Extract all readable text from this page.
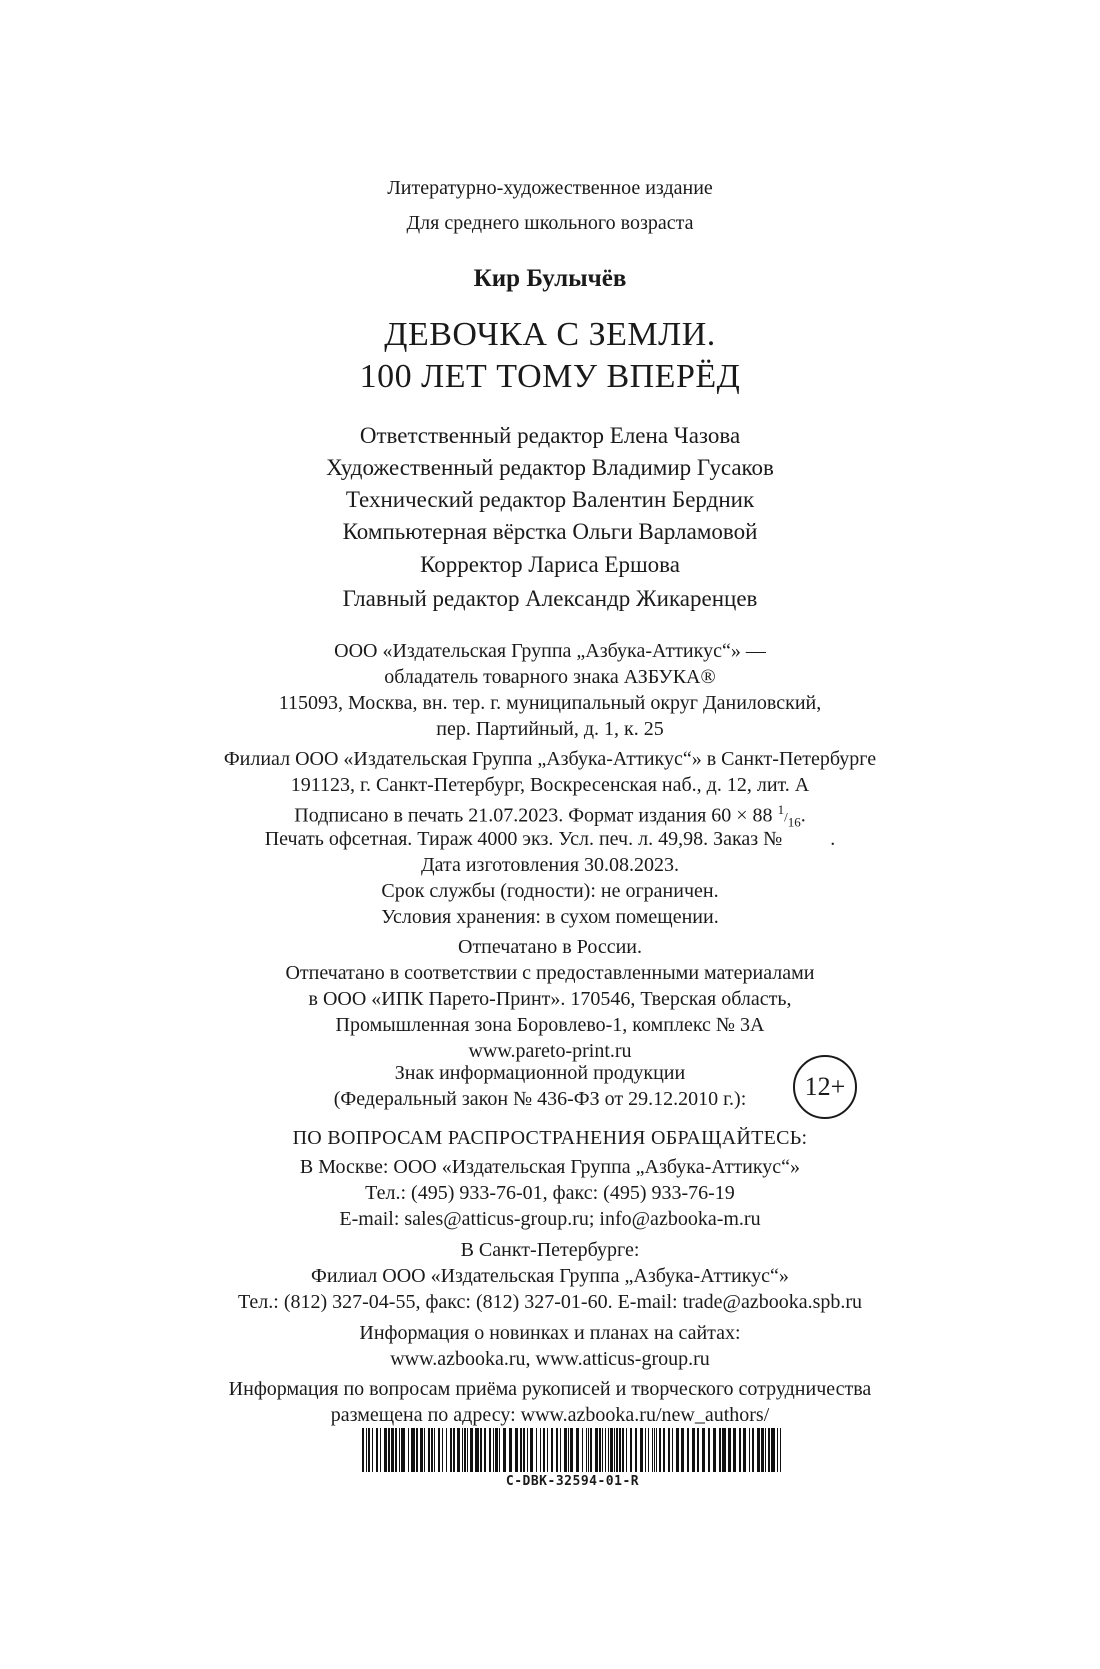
Литературно-художественное издание
Для среднего школьного возраста
Кир Булычёв
ДЕВОЧКА С ЗЕМЛИ.
100 ЛЕТ ТОМУ ВПЕРЁД
Ответственный редактор Елена Чазова
Художественный редактор Владимир Гусаков
Технический редактор Валентин Бердник
Компьютерная вёрстка Ольги Варламовой
Корректор Лариса Ершова
Главный редактор Александр Жикаренцев
ООО «Издательская Группа „Азбука-Аттикус“» —
обладатель товарного знака АЗБУКА®
115093, Москва, вн. тер. г. муниципальный округ Даниловский,
пер. Партийный, д. 1, к. 25
Филиал ООО «Издательская Группа „Азбука-Аттикус“» в Санкт-Петербурге
191123, г. Санкт-Петербург, Воскресенская наб., д. 12, лит. А
Подписано в печать 21.07.2023. Формат издания 60 × 88 $^1/_{16}$.
Печать офсетная. Тираж 4000 экз. Усл. печ. л. 49,98. Заказ № .
Дата изготовления 30.08.2023.
Срок службы (годности): не ограничен.
Условия хранения: в сухом помещении.
Отпечатано в России.
Отпечатано в соответствии с предоставленными материалами
в ООО «ИПК Парето-Принт». 170546, Тверская область,
Промышленная зона Боровлево-1, комплекс № 3А
www.pareto-print.ru
Знак информационной продукции
(Федеральный закон № 436-ФЗ от 29.12.2010 г.):	12+
ПО ВОПРОСАМ РАСПРОСТРАНЕНИЯ ОБРАЩАЙТЕСЬ:
В Москве: ООО «Издательская Группа „Азбука-Аттикус“»
Тел.: (495) 933-76-01, факс: (495) 933-76-19
E-mail: sales@atticus-group.ru; info@azbooka-m.ru
В Санкт-Петербурге:
Филиал ООО «Издательская Группа „Азбука-Аттикус“»
Тел.: (812) 327-04-55, факс: (812) 327-01-60. E-mail: trade@azbooka.spb.ru
Информация о новинках и планах на сайтах:
www.azbooka.ru, www.atticus-group.ru
Информация по вопросам приёма рукописей и творческого сотрудничества
размещена по адресу: www.azbooka.ru/new_authors/
C-DBK-32594-01-R
